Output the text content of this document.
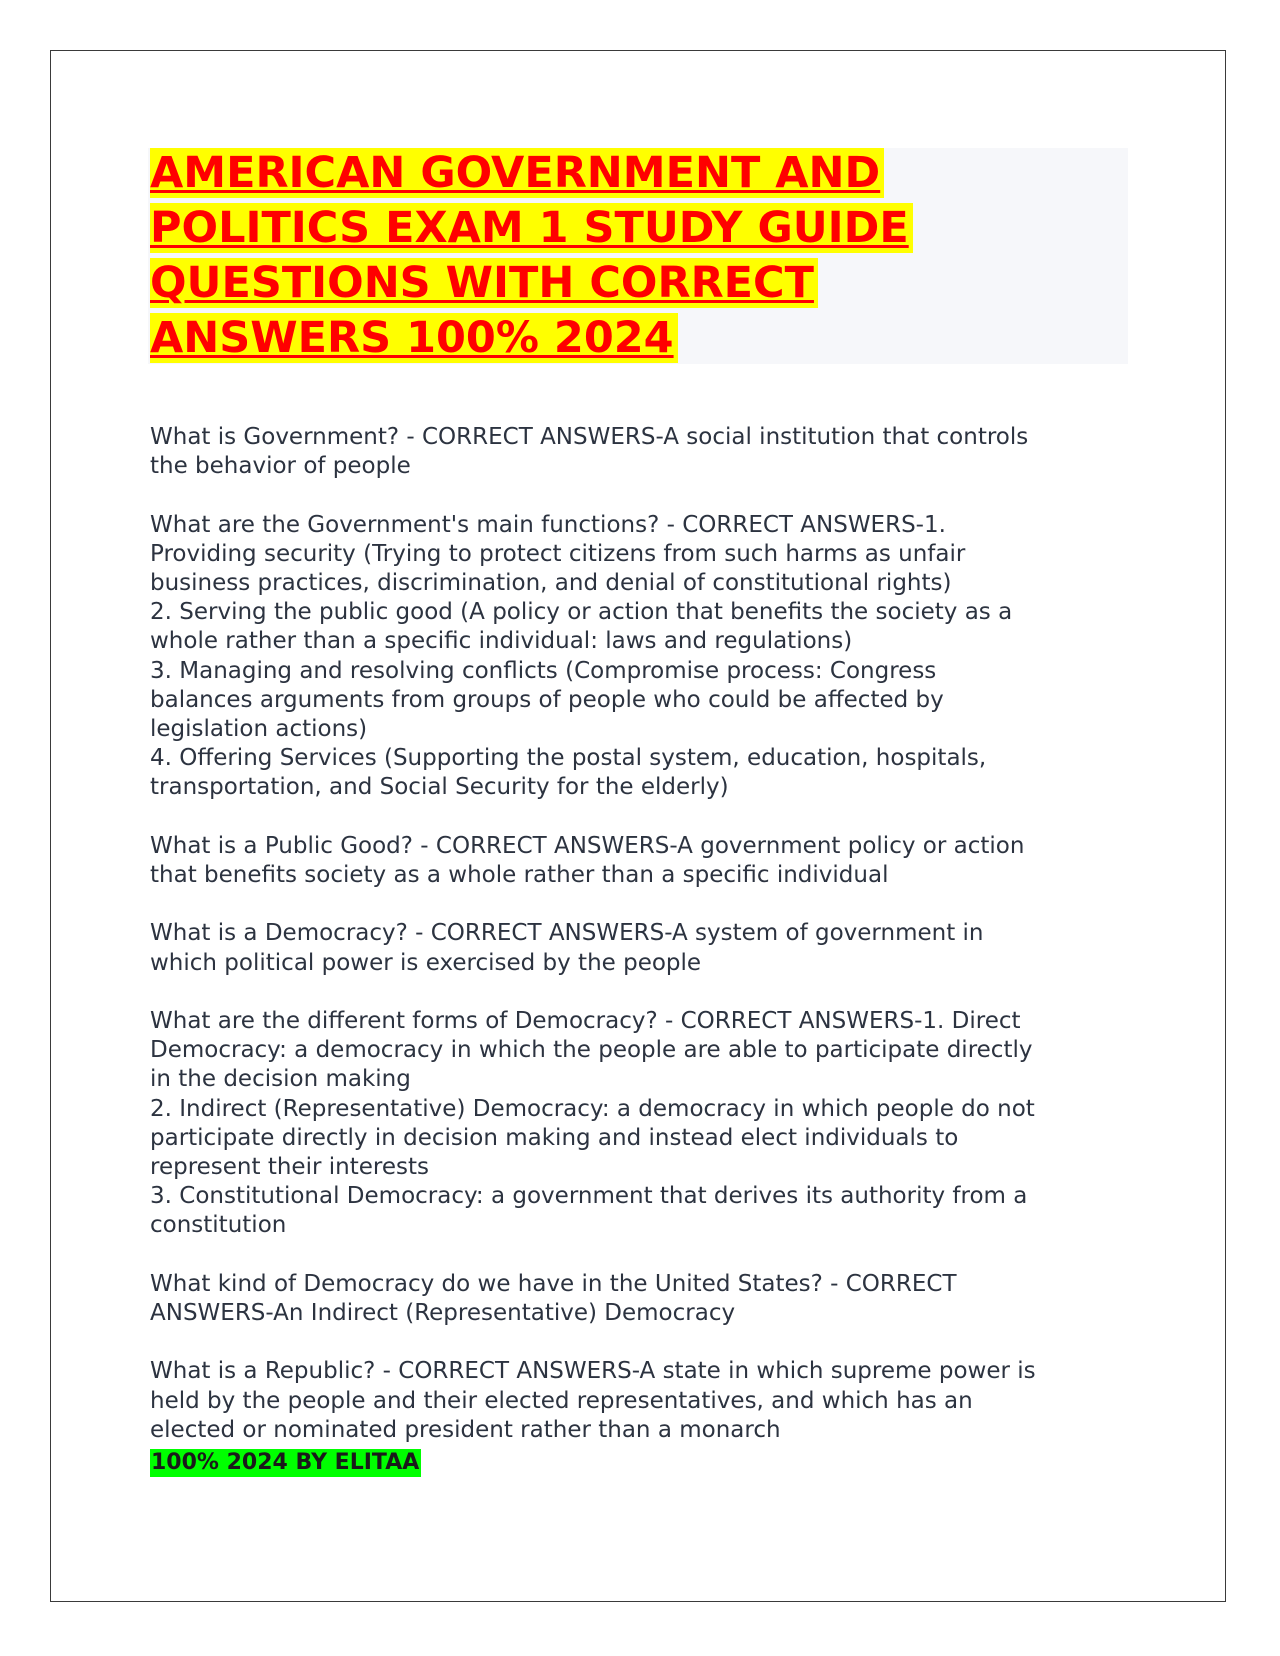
AMERICAN GOVERNMENT AND
POLITICS EXAM 1 STUDY GUIDE
QUESTIONS WITH CORRECT
ANSWERS 100% 2024

What is Government? - CORRECT ANSWERS-A social institution that controls
the behavior of people

What are the Government's main functions? - CORRECT ANSWERS-1.
Providing security (Trying to protect citizens from such harms as unfair
business practices, discrimination, and denial of constitutional rights)
2. Serving the public good (A policy or action that benefits the society as a
whole rather than a specific individual: laws and regulations)
3. Managing and resolving conflicts (Compromise process: Congress
balances arguments from groups of people who could be affected by
legislation actions)
4. Offering Services (Supporting the postal system, education, hospitals,
transportation, and Social Security for the elderly)

What is a Public Good? - CORRECT ANSWERS-A government policy or action
that benefits society as a whole rather than a specific individual

What is a Democracy? - CORRECT ANSWERS-A system of government in
which political power is exercised by the people

What are the different forms of Democracy? - CORRECT ANSWERS-1. Direct
Democracy: a democracy in which the people are able to participate directly
in the decision making
2. Indirect (Representative) Democracy: a democracy in which people do not
participate directly in decision making and instead elect individuals to
represent their interests
3. Constitutional Democracy: a government that derives its authority from a
constitution

What kind of Democracy do we have in the United States? - CORRECT
ANSWERS-An Indirect (Representative) Democracy

What is a Republic? - CORRECT ANSWERS-A state in which supreme power is
held by the people and their elected representatives, and which has an
elected or nominated president rather than a monarch

100% 2024 BY ELITAA
